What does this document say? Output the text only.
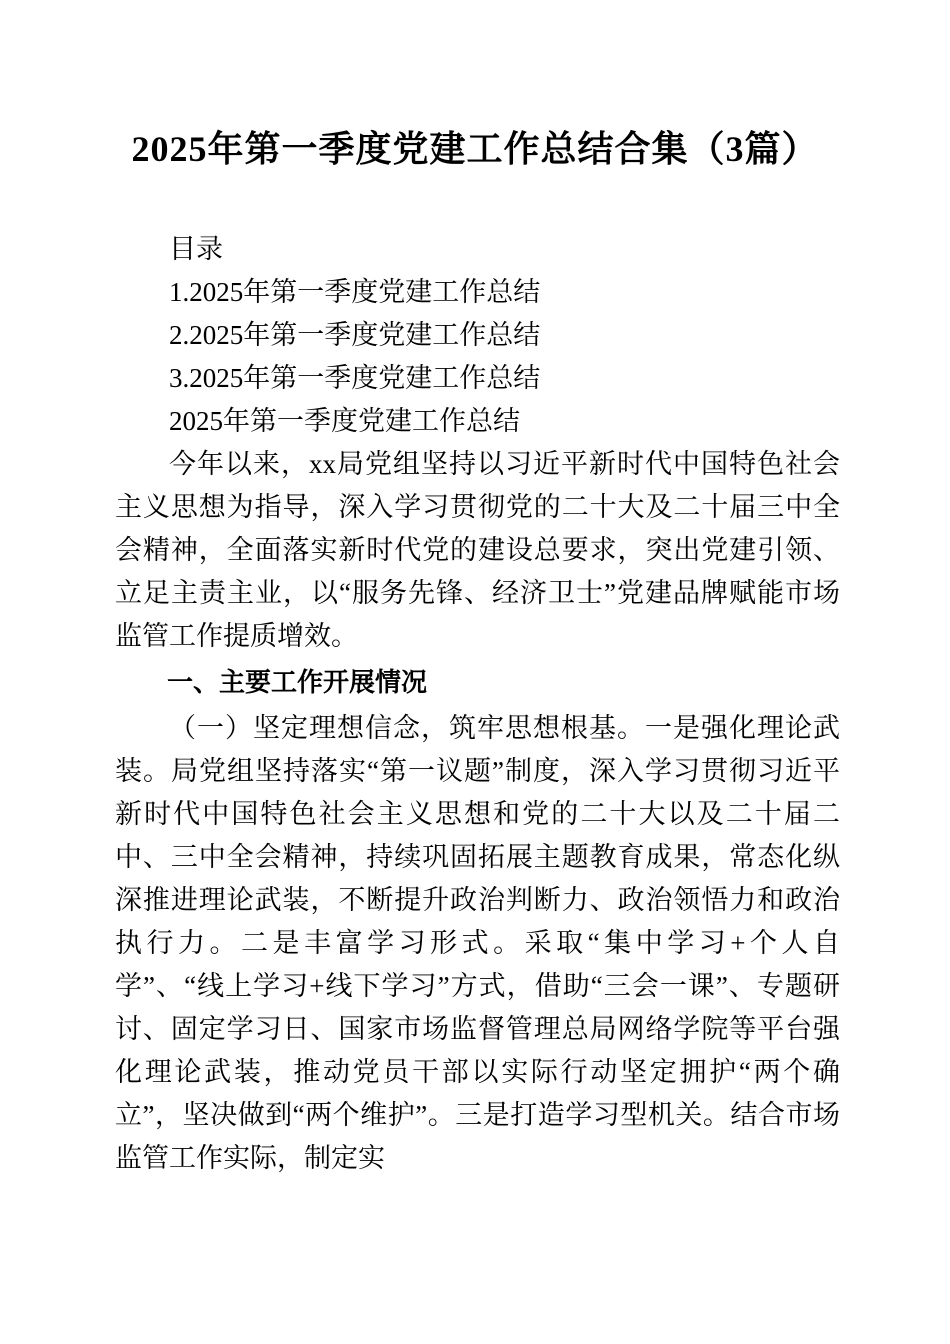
2025年第一季度党建工作总结合集（3篇）

目录

1.2025年第一季度党建工作总结

2.2025年第一季度党建工作总结

3.2025年第一季度党建工作总结

2025年第一季度党建工作总结

今年以来，xx局党组坚持以习近平新时代中国特色社会主义思想为指导，深入学习贯彻党的二十大及二十届三中全会精神，全面落实新时代党的建设总要求，突出党建引领、立足主责主业，以“服务先锋、经济卫士”党建品牌赋能市场监管工作提质增效。

一、主要工作开展情况

（一）坚定理想信念，筑牢思想根基。一是强化理论武装。局党组坚持落实“第一议题”制度，深入学习贯彻习近平新时代中国特色社会主义思想和党的二十大以及二十届二中、三中全会精神，持续巩固拓展主题教育成果，常态化纵深推进理论武装，不断提升政治判断力、政治领悟力和政治执行力。二是丰富学习形式。采取“集中学习+个人自学”、“线上学习+线下学习”方式，借助“三会一课”、专题研讨、固定学习日、国家市场监督管理总局网络学院等平台强化理论武装，推动党员干部以实际行动坚定拥护“两个确立”，坚决做到“两个维护”。三是打造学习型机关。结合市场监管工作实际，制定实
